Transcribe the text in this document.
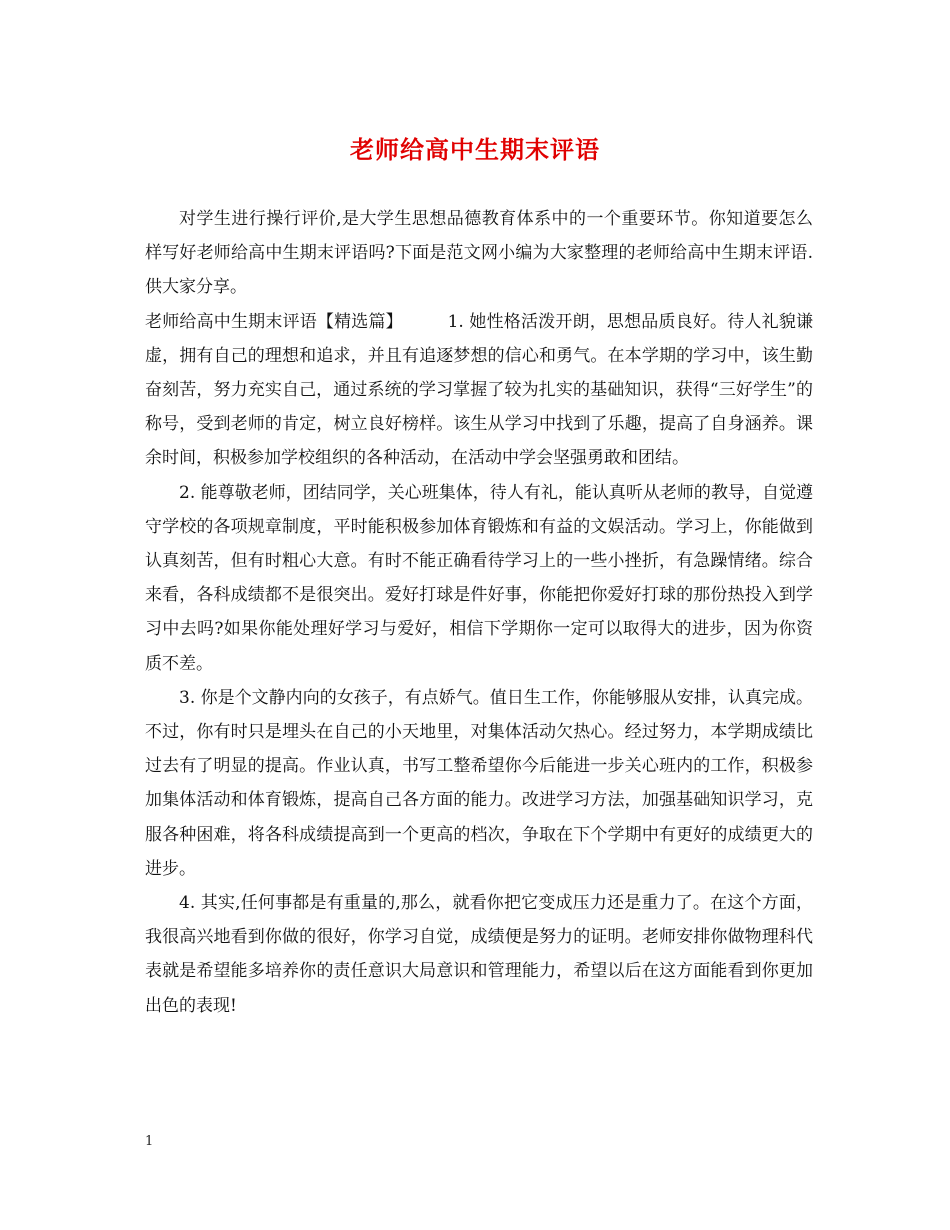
老师给高中生期末评语

对学生进行操行评价,是大学生思想品德教育体系中的一个重要环节。你知道要怎么样写好老师给高中生期末评语吗?下面是范文网小编为大家整理的老师给高中生期末评语.供大家分享。

老师给高中生期末评语【精选篇】	1. 她性格活泼开朗，思想品质良好。待人礼貌谦虚，拥有自己的理想和追求，并且有追逐梦想的信心和勇气。在本学期的学习中，该生勤奋刻苦，努力充实自己，通过系统的学习掌握了较为扎实的基础知识，获得“三好学生”的称号，受到老师的肯定，树立良好榜样。该生从学习中找到了乐趣，提高了自身涵养。课余时间，积极参加学校组织的各种活动，在活动中学会坚强勇敢和团结。

2. 能尊敬老师，团结同学，关心班集体，待人有礼，能认真听从老师的教导，自觉遵守学校的各项规章制度，平时能积极参加体育锻炼和有益的文娱活动。学习上，你能做到认真刻苦，但有时粗心大意。有时不能正确看待学习上的一些小挫折，有急躁情绪。综合来看，各科成绩都不是很突出。爱好打球是件好事，你能把你爱好打球的那份热投入到学习中去吗?如果你能处理好学习与爱好，相信下学期你一定可以取得大的进步，因为你资质不差。

3. 你是个文静内向的女孩子，有点娇气。值日生工作，你能够服从安排，认真完成。不过，你有时只是埋头在自己的小天地里，对集体活动欠热心。经过努力，本学期成绩比过去有了明显的提高。作业认真，书写工整希望你今后能进一步关心班内的工作，积极参加集体活动和体育锻炼，提高自己各方面的能力。改进学习方法，加强基础知识学习，克服各种困难，将各科成绩提高到一个更高的档次，争取在下个学期中有更好的成绩更大的进步。

4. 其实,任何事都是有重量的,那么，就看你把它变成压力还是重力了。在这个方面，我很高兴地看到你做的很好，你学习自觉，成绩便是努力的证明。老师安排你做物理科代表就是希望能多培养你的责任意识大局意识和管理能力，希望以后在这方面能看到你更加出色的表现!

1
